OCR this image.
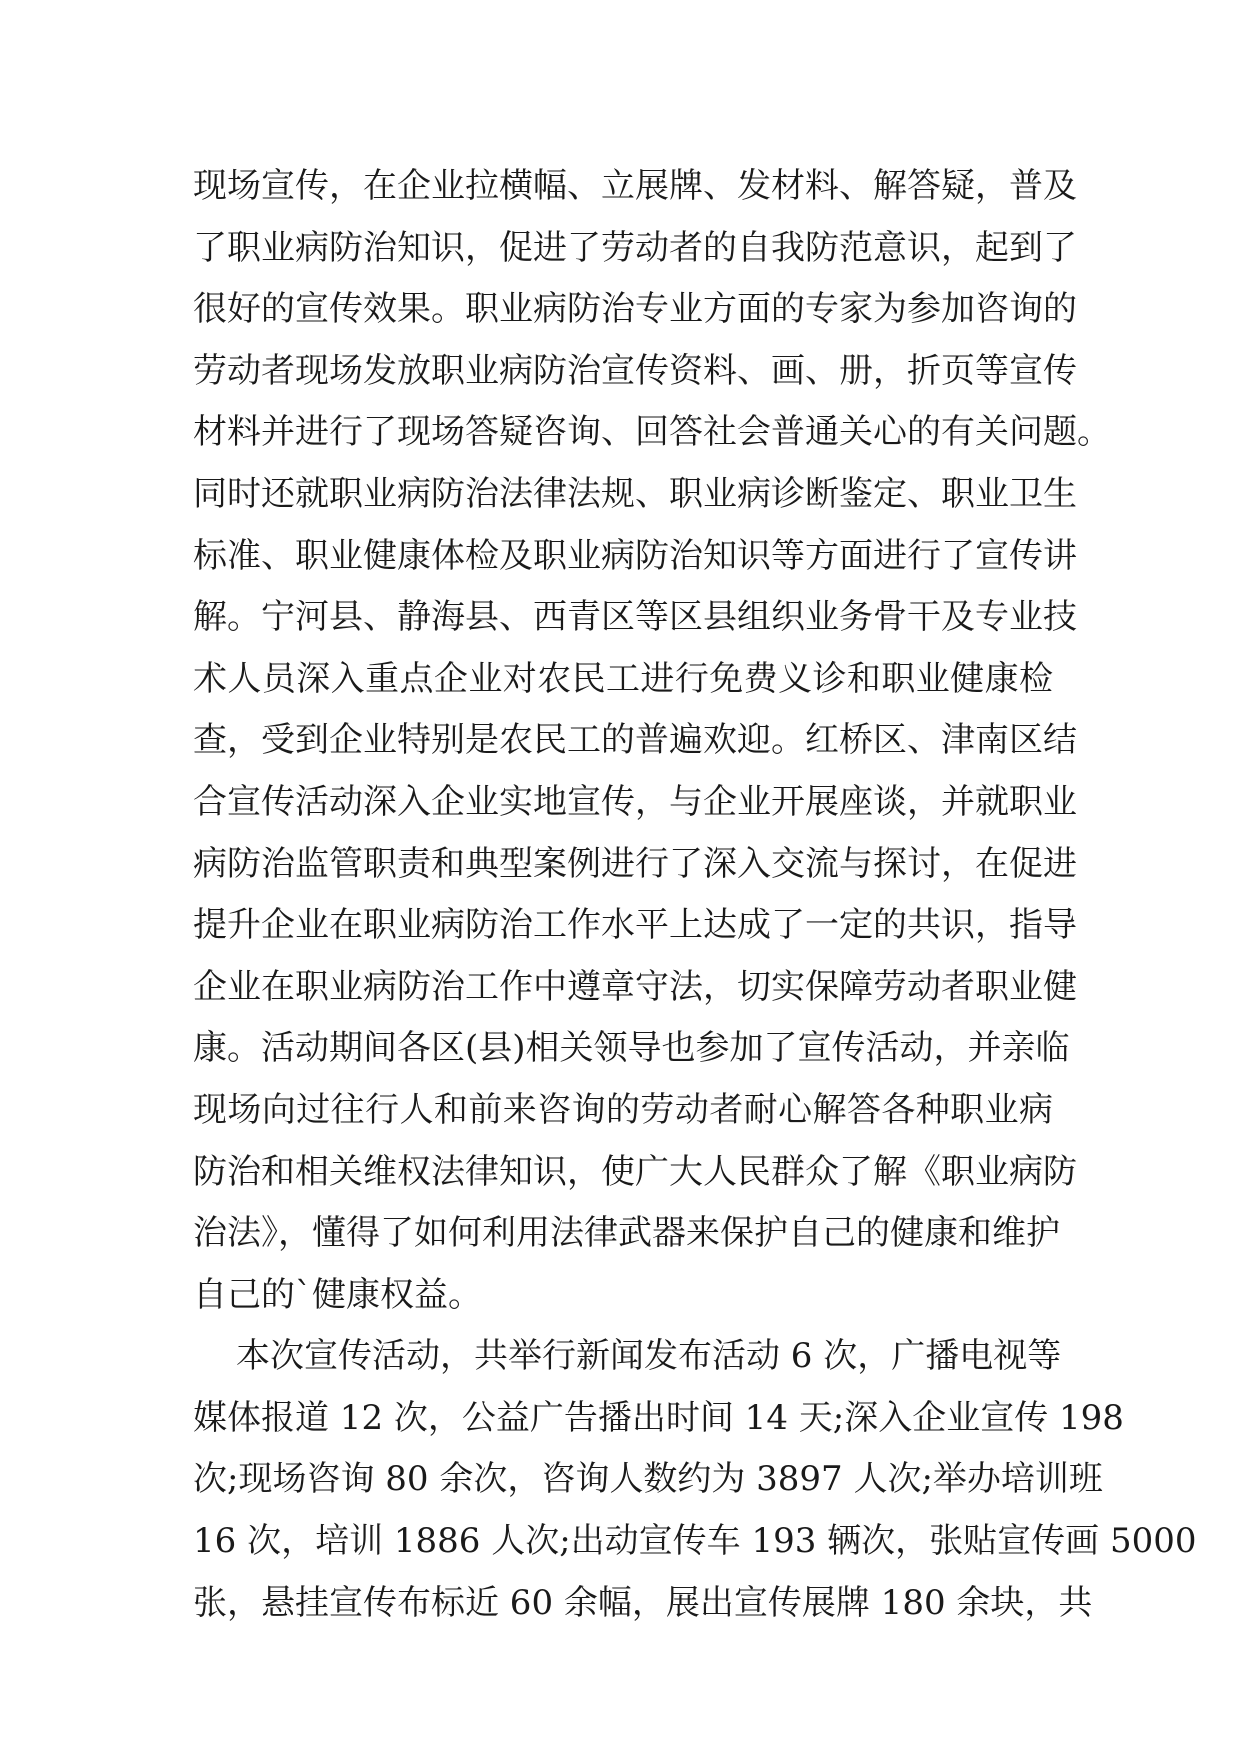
现场宣传，在企业拉横幅、立展牌、发材料、解答疑，普及
了职业病防治知识，促进了劳动者的自我防范意识，起到了
很好的宣传效果。职业病防治专业方面的专家为参加咨询的
劳动者现场发放职业病防治宣传资料、画、册，折页等宣传
材料并进行了现场答疑咨询、回答社会普通关心的有关问题。
同时还就职业病防治法律法规、职业病诊断鉴定、职业卫生
标准、职业健康体检及职业病防治知识等方面进行了宣传讲
解。宁河县、静海县、西青区等区县组织业务骨干及专业技
术人员深入重点企业对农民工进行免费义诊和职业健康检
查，受到企业特别是农民工的普遍欢迎。红桥区、津南区结
合宣传活动深入企业实地宣传，与企业开展座谈，并就职业
病防治监管职责和典型案例进行了深入交流与探讨，在促进
提升企业在职业病防治工作水平上达成了一定的共识，指导
企业在职业病防治工作中遵章守法，切实保障劳动者职业健
康。活动期间各区(县)相关领导也参加了宣传活动，并亲临
现场向过往行人和前来咨询的劳动者耐心解答各种职业病
防治和相关维权法律知识，使广大人民群众了解《职业病防
治法》，懂得了如何利用法律武器来保护自己的健康和维护
自己的`健康权益。
本次宣传活动，共举行新闻发布活动 6 次，广播电视等
媒体报道 12 次，公益广告播出时间 14 天;深入企业宣传 198
次;现场咨询 80 余次，咨询人数约为 3897 人次;举办培训班
16 次，培训 1886 人次;出动宣传车 193 辆次，张贴宣传画 5000
张，悬挂宣传布标近 60 余幅，展出宣传展牌 180 余块，共
